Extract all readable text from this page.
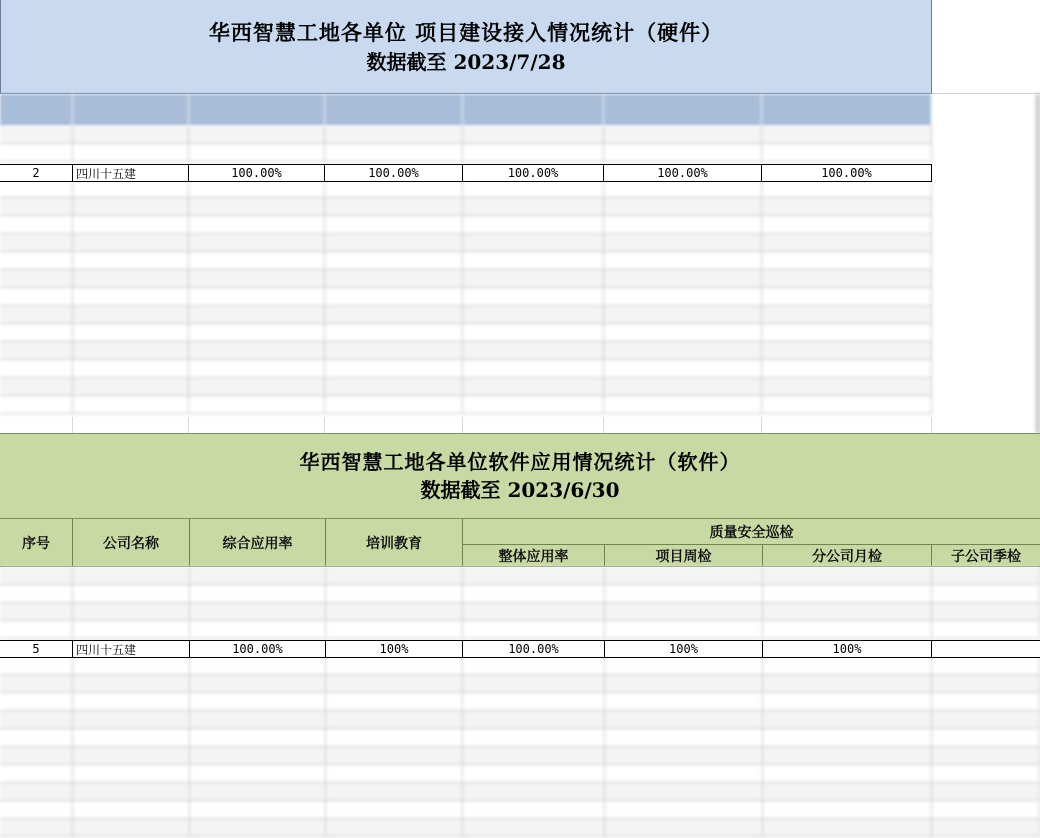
华西智慧工地各单位 项目建设接入情况统计（硬件）
数据截至 2023/7/28

2	四川十五建	100.00%	100.00%	100.00%	100.00%	100.00%
华西智慧工地各单位软件应用情况统计（软件）
数据截至 2023/6/30
序号	公司名称	综合应用率	培训教育
质量安全巡检
整体应用率	项目周检	分公司月检	子公司季检
5	四川十五建	100.00%	100%	100.00%	100%	100%
